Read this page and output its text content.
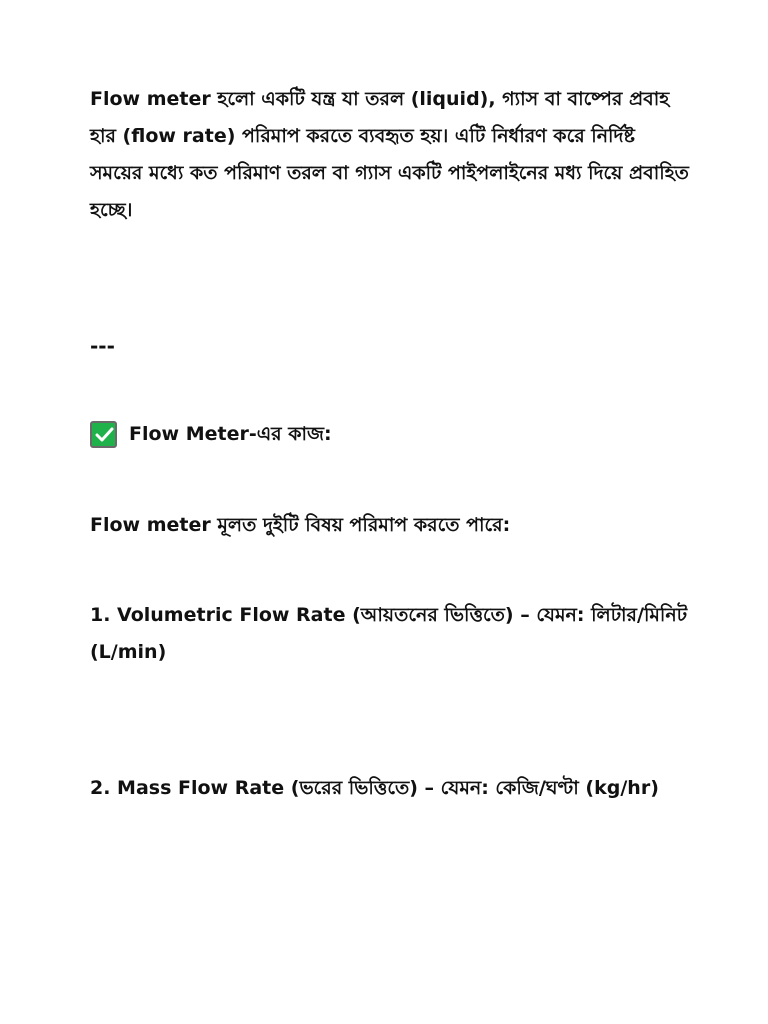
Flow meter হলো একটি যন্ত্র যা তরল (liquid), গ্যাস বা বাষ্পের প্রবাহ হার (flow rate) পরিমাপ করতে ব্যবহৃত হয়। এটি নির্ধারণ করে নির্দিষ্ট সময়ের মধ্যে কত পরিমাণ তরল বা গ্যাস একটি পাইপলাইনের মধ্য দিয়ে প্রবাহিত হচ্ছে।

---
Flow Meter-এর কাজ:

Flow meter মূলত দুইটি বিষয় পরিমাপ করতে পারে:

1. Volumetric Flow Rate (আয়তনের ভিত্তিতে) – যেমন: লিটার/মিনিট (L/min)

2. Mass Flow Rate (ভরের ভিত্তিতে) – যেমন: কেজি/ঘণ্টা (kg/hr)
